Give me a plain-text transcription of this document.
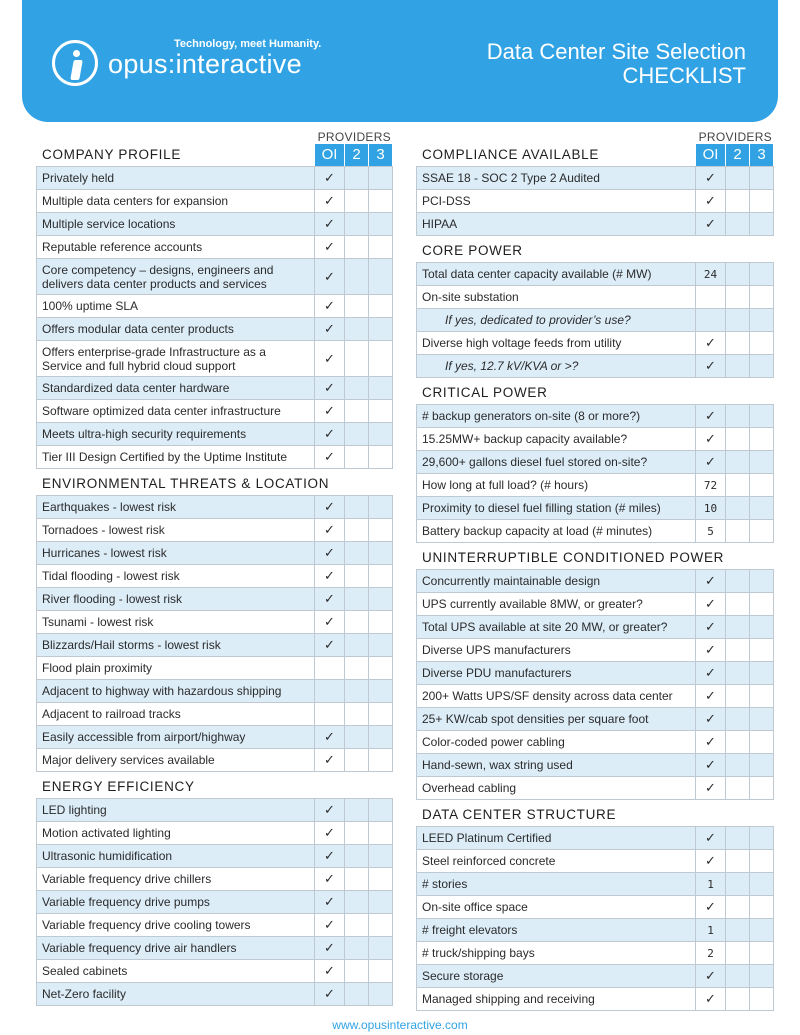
Technology, meet Humanity.
opus:interactive	Data Center Site Selection
CHECKLIST
PROVIDERS
COMPANY PROFILE	OI 2	3
Privately held	✓		
Multiple data centers for expansion	✓		
Multiple service locations	✓		
Reputable reference accounts	✓		
Core competency – designs, engineers and delivers data center products and services	✓		
100% uptime SLA	✓		
Offers modular data center products	✓		
Offers enterprise-grade Infrastructure as a Service and full hybrid cloud support	✓		
Standardized data center hardware	✓		
Software optimized data center infrastructure	✓		
Meets ultra-high security requirements	✓		
Tier III Design Certified by the Uptime Institute	✓		
ENVIRONMENTAL THREATS & LOCATION
Earthquakes - lowest risk	✓		
Tornadoes - lowest risk	✓		
Hurricanes - lowest risk	✓		
Tidal flooding - lowest risk	✓		
River flooding - lowest risk	✓		
Tsunami - lowest risk	✓		
Blizzards/Hail storms - lowest risk	✓		
Flood plain proximity			
Adjacent to highway with hazardous shipping			
Adjacent to railroad tracks			
Easily accessible from airport/highway	✓		
Major delivery services available	✓		
ENERGY EFFICIENCY
LED lighting	✓		
Motion activated lighting	✓		
Ultrasonic humidification	✓		
Variable frequency drive chillers	✓		
Variable frequency drive pumps	✓		
Variable frequency drive cooling towers	✓		
Variable frequency drive air handlers	✓		
Sealed cabinets	✓		
Net-Zero facility	✓		
PROVIDERS
COMPLIANCE AVAILABLE	OI 2	3
SSAE 18 - SOC 2 Type 2 Audited	✓		
PCI-DSS	✓		
HIPAA	✓		
CORE POWER
Total data center capacity available (# MW)	24		
On-site substation			
If yes, dedicated to provider’s use?			
Diverse high voltage feeds from utility	✓		
If yes, 12.7 kV/KVA or >?	✓		
CRITICAL POWER
# backup generators on-site (8 or more?)	✓		
15.25MW+ backup capacity available?	✓		
29,600+ gallons diesel fuel stored on-site?	✓		
How long at full load? (# hours)	72		
Proximity to diesel fuel filling station (# miles)	10		
Battery backup capacity at load (# minutes)	5		
UNINTERRUPTIBLE CONDITIONED POWER
Concurrently maintainable design	✓		
UPS currently available 8MW, or greater?	✓		
Total UPS available at site 20 MW, or greater?	✓		
Diverse UPS manufacturers	✓		
Diverse PDU manufacturers	✓		
200+ Watts UPS/SF density across data center	✓		
25+ KW/cab spot densities per square foot	✓		
Color-coded power cabling	✓		
Hand-sewn, wax string used	✓		
Overhead cabling	✓		
DATA CENTER STRUCTURE
LEED Platinum Certified	✓		
Steel reinforced concrete	✓		
# stories	1		
On-site office space	✓		
# freight elevators	1		
# truck/shipping bays	2		
Secure storage	✓		
Managed shipping and receiving	✓		
www.opusinteractive.com
